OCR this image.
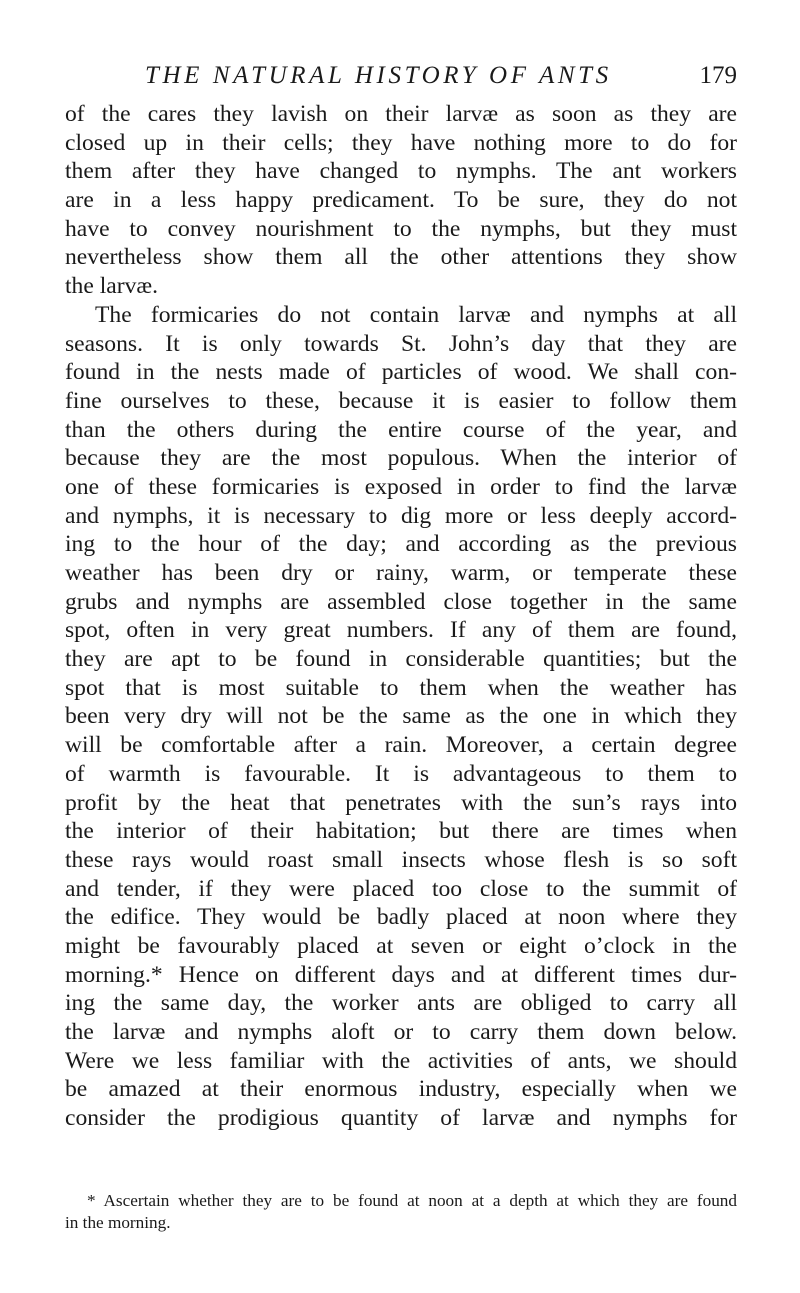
THE NATURAL HISTORY OF ANTS	179
of the cares they lavish on their larvæ as soon as they are
closed up in their cells; they have nothing more to do for
them after they have changed to nymphs. The ant workers
are in a less happy predicament. To be sure, they do not
have to convey nourishment to the nymphs, but they must
nevertheless show them all the other attentions they show
the larvæ.
The formicaries do not contain larvæ and nymphs at all
seasons. It is only towards St. John’s day that they are
found in the nests made of particles of wood. We shall con-
fine ourselves to these, because it is easier to follow them
than the others during the entire course of the year, and
because they are the most populous. When the interior of
one of these formicaries is exposed in order to find the larvæ
and nymphs, it is necessary to dig more or less deeply accord-
ing to the hour of the day; and according as the previous
weather has been dry or rainy, warm, or temperate these
grubs and nymphs are assembled close together in the same
spot, often in very great numbers. If any of them are found,
they are apt to be found in considerable quantities; but the
spot that is most suitable to them when the weather has
been very dry will not be the same as the one in which they
will be comfortable after a rain. Moreover, a certain degree
of warmth is favourable. It is advantageous to them to
profit by the heat that penetrates with the sun’s rays into
the interior of their habitation; but there are times when
these rays would roast small insects whose flesh is so soft
and tender, if they were placed too close to the summit of
the edifice. They would be badly placed at noon where they
might be favourably placed at seven or eight o’clock in the
morning.* Hence on different days and at different times dur-
ing the same day, the worker ants are obliged to carry all
the larvæ and nymphs aloft or to carry them down below.
Were we less familiar with the activities of ants, we should
be amazed at their enormous industry, especially when we
consider the prodigious quantity of larvæ and nymphs for
* Ascertain whether they are to be found at noon at a depth at which they are found
in the morning.
